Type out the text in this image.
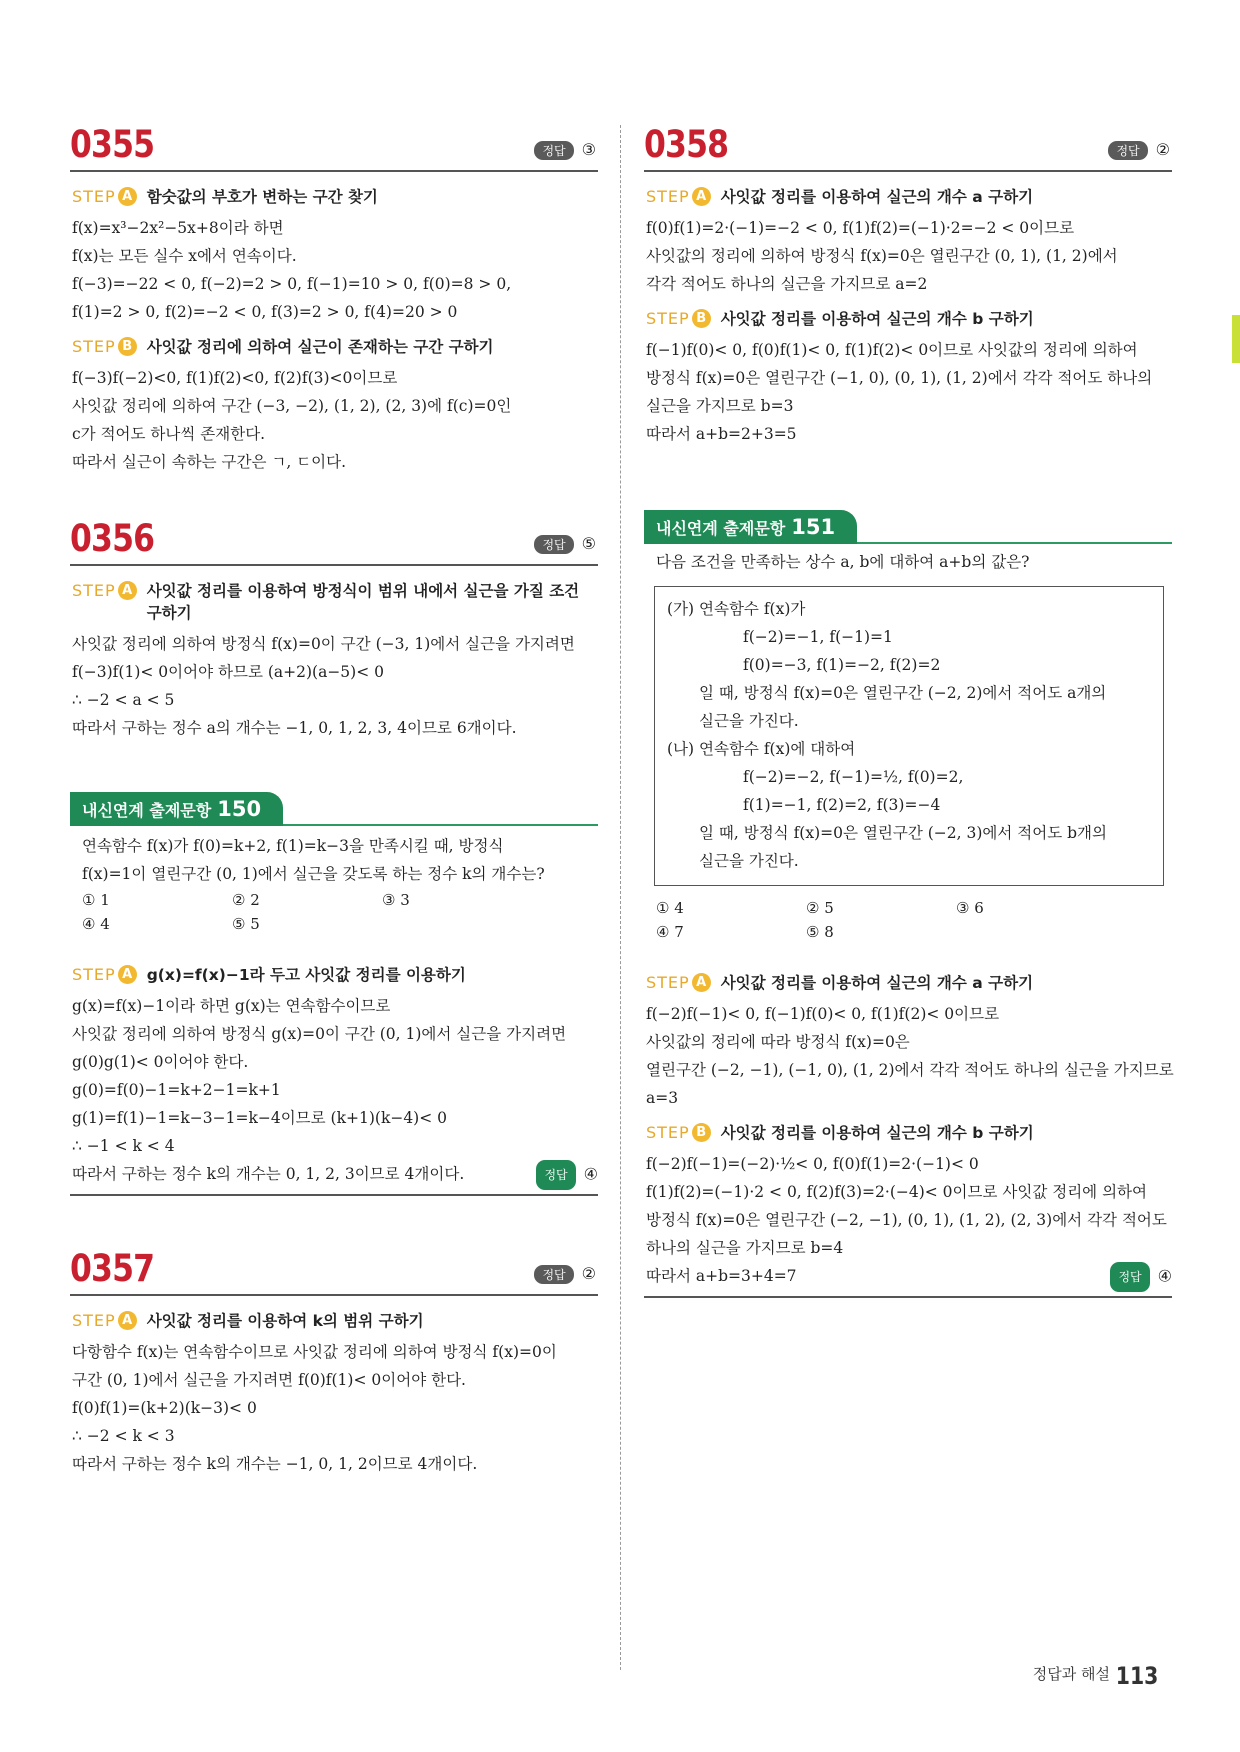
0355	정답 ③
STEP A 함숫값의 부호가 변하는 구간 찾기
f(x)=x³−2x²−5x+8이라 하면
f(x)는 모든 실수 x에서 연속이다.
f(−3)=−22 < 0, f(−2)=2 > 0, f(−1)=10 > 0, f(0)=8 > 0,
f(1)=2 > 0, f(2)=−2 < 0, f(3)=2 > 0, f(4)=20 > 0
STEP B 사잇값 정리에 의하여 실근이 존재하는 구간 구하기
f(−3)f(−2)<0, f(1)f(2)<0, f(2)f(3)<0이므로
사잇값 정리에 의하여 구간 (−3, −2), (1, 2), (2, 3)에 f(c)=0인
c가 적어도 하나씩 존재한다.
따라서 실근이 속하는 구간은 ㄱ, ㄷ이다.
0356	정답 ⑤
STEP A 사잇값 정리를 이용하여 방정식이 범위 내에서 실근을 가질 조건 구하기
사잇값 정리에 의하여 방정식 f(x)=0이 구간 (−3, 1)에서 실근을 가지려면
f(−3)f(1)< 0이어야 하므로 (a+2)(a−5)< 0
∴ −2 < a < 5
따라서 구하는 정수 a의 개수는 −1, 0, 1, 2, 3, 4이므로 6개이다.
내신연계 출제문항 150
연속함수 f(x)가 f(0)=k+2, f(1)=k−3을 만족시킬 때, 방정식
f(x)=1이 열린구간 (0, 1)에서 실근을 갖도록 하는 정수 k의 개수는?
① 1	② 2	③ 3
④ 4	⑤ 5
STEP A g(x)=f(x)−1라 두고 사잇값 정리를 이용하기
g(x)=f(x)−1이라 하면 g(x)는 연속함수이므로
사잇값 정리에 의하여 방정식 g(x)=0이 구간 (0, 1)에서 실근을 가지려면
g(0)g(1)< 0이어야 한다.
g(0)=f(0)−1=k+2−1=k+1
g(1)=f(1)−1=k−3−1=k−4이므로 (k+1)(k−4)< 0
∴ −1 < k < 4
따라서 구하는 정수 k의 개수는 0, 1, 2, 3이므로 4개이다.	정답 ④
0357	정답 ②
STEP A 사잇값 정리를 이용하여 k의 범위 구하기
다항함수 f(x)는 연속함수이므로 사잇값 정리에 의하여 방정식 f(x)=0이
구간 (0, 1)에서 실근을 가지려면 f(0)f(1)< 0이어야 한다.
f(0)f(1)=(k+2)(k−3)< 0
∴ −2 < k < 3
따라서 구하는 정수 k의 개수는 −1, 0, 1, 2이므로 4개이다.
0358	정답 ②
STEP A 사잇값 정리를 이용하여 실근의 개수 a 구하기
f(0)f(1)=2·(−1)=−2 < 0, f(1)f(2)=(−1)·2=−2 < 0이므로
사잇값의 정리에 의하여 방정식 f(x)=0은 열린구간 (0, 1), (1, 2)에서
각각 적어도 하나의 실근을 가지므로 a=2
STEP B 사잇값 정리를 이용하여 실근의 개수 b 구하기
f(−1)f(0)< 0, f(0)f(1)< 0, f(1)f(2)< 0이므로 사잇값의 정리에 의하여
방정식 f(x)=0은 열린구간 (−1, 0), (0, 1), (1, 2)에서 각각 적어도 하나의
실근을 가지므로 b=3
따라서 a+b=2+3=5
내신연계 출제문항 151
다음 조건을 만족하는 상수 a, b에 대하여 a+b의 값은?
(가) 연속함수 f(x)가
f(−2)=−1, f(−1)=1
f(0)=−3, f(1)=−2, f(2)=2
일 때, 방정식 f(x)=0은 열린구간 (−2, 2)에서 적어도 a개의
실근을 가진다.
(나) 연속함수 f(x)에 대하여
f(−2)=−2, f(−1)=½, f(0)=2,
f(1)=−1, f(2)=2, f(3)=−4
일 때, 방정식 f(x)=0은 열린구간 (−2, 3)에서 적어도 b개의
실근을 가진다.
① 4	② 5	③ 6
④ 7	⑤ 8
STEP A 사잇값 정리를 이용하여 실근의 개수 a 구하기
f(−2)f(−1)< 0, f(−1)f(0)< 0, f(1)f(2)< 0이므로
사잇값의 정리에 따라 방정식 f(x)=0은
열린구간 (−2, −1), (−1, 0), (1, 2)에서 각각 적어도 하나의 실근을 가지므로
a=3
STEP B 사잇값 정리를 이용하여 실근의 개수 b 구하기
f(−2)f(−1)=(−2)·½< 0, f(0)f(1)=2·(−1)< 0
f(1)f(2)=(−1)·2 < 0, f(2)f(3)=2·(−4)< 0이므로 사잇값 정리에 의하여
방정식 f(x)=0은 열린구간 (−2, −1), (0, 1), (1, 2), (2, 3)에서 각각 적어도
하나의 실근을 가지므로 b=4
따라서 a+b=3+4=7	정답 ④
정답과 해설 113
